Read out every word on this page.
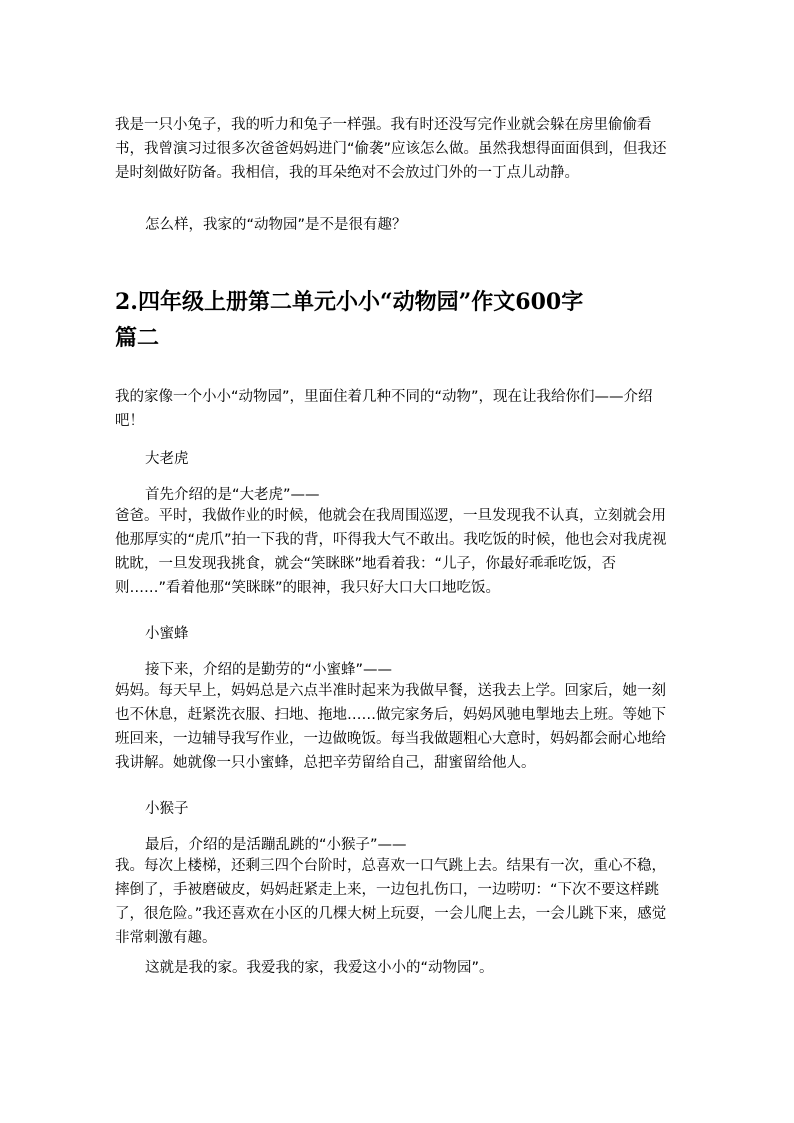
我是一只小兔子，我的听力和兔子一样强。我有时还没写完作业就会躲在房里偷偷看书，我曾演习过很多次爸爸妈妈进门“偷袭”应该怎么做。虽然我想得面面俱到，但我还是时刻做好防备。我相信，我的耳朵绝对不会放过门外的一丁点儿动静。

怎么样，我家的“动物园”是不是很有趣？

2.四年级上册第二单元小小“动物园”作文600字
篇二

我的家像一个小小“动物园”，里面住着几种不同的“动物”，现在让我给你们——介绍吧！

大老虎

首先介绍的是“大老虎”——

爸爸。平时，我做作业的时候，他就会在我周围巡逻，一旦发现我不认真，立刻就会用他那厚实的“虎爪”拍一下我的背，吓得我大气不敢出。我吃饭的时候，他也会对我虎视眈眈，一旦发现我挑食，就会“笑眯眯”地看着我：“儿子，你最好乖乖吃饭，否则……”看着他那“笑眯眯”的眼神，我只好大口大口地吃饭。

小蜜蜂

接下来，介绍的是勤劳的“小蜜蜂”——

妈妈。每天早上，妈妈总是六点半准时起来为我做早餐，送我去上学。回家后，她一刻也不休息，赶紧洗衣服、扫地、拖地……做完家务后，妈妈风驰电掣地去上班。等她下班回来，一边辅导我写作业，一边做晚饭。每当我做题粗心大意时，妈妈都会耐心地给我讲解。她就像一只小蜜蜂，总把辛劳留给自己，甜蜜留给他人。

小猴子

最后，介绍的是活蹦乱跳的“小猴子”——

我。每次上楼梯，还剩三四个台阶时，总喜欢一口气跳上去。结果有一次，重心不稳，摔倒了，手被磨破皮，妈妈赶紧走上来，一边包扎伤口，一边唠叨：“下次不要这样跳了，很危险。”我还喜欢在小区的几棵大树上玩耍，一会儿爬上去，一会儿跳下来，感觉非常刺激有趣。

这就是我的家。我爱我的家，我爱这小小的“动物园”。
